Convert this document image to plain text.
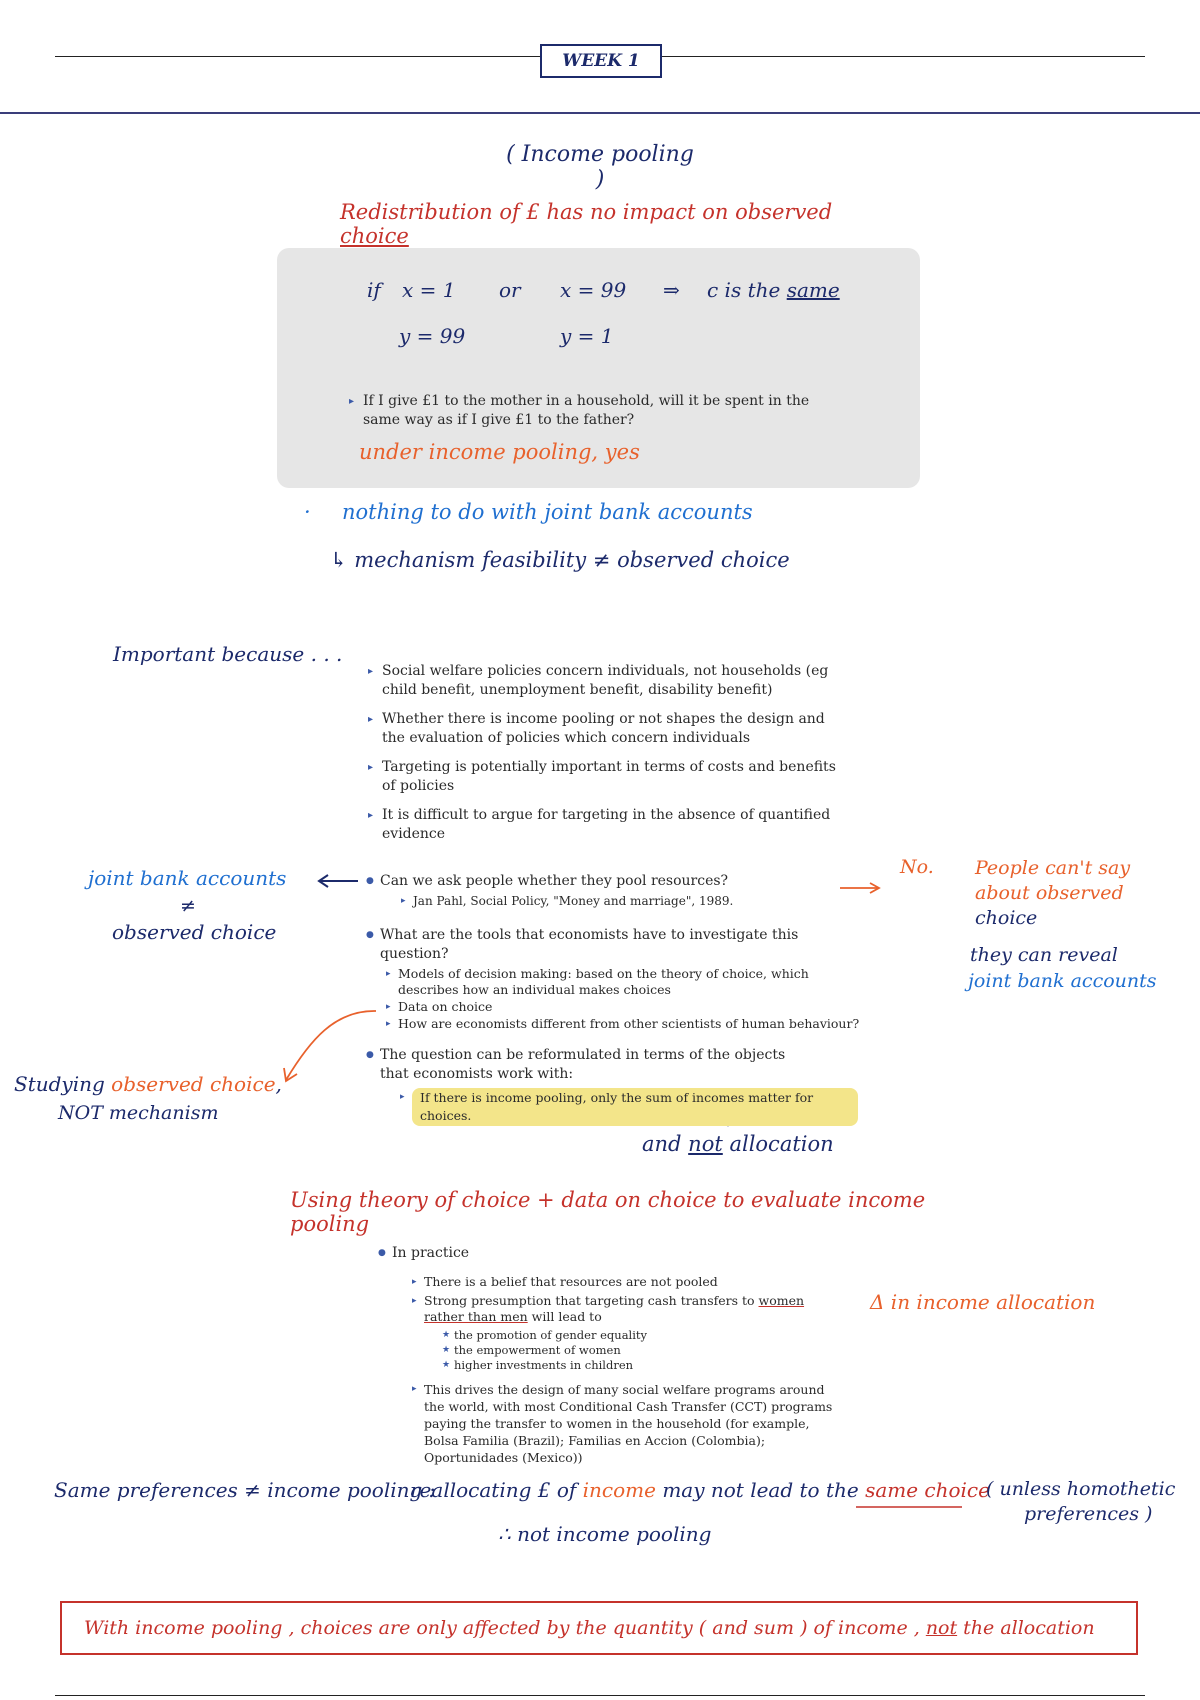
WEEK 1
( Income pooling )
Redistribution of £ has no impact on observed choice
if x = 1
y = 99
or x = 99
y = 1
⇒ c is the same
▸ If I give £1 to the mother in a household, will it be spent in the same way as if I give £1 to the father?
under income pooling, yes
· nothing to do with joint bank accounts
↳ mechanism feasibility ≠ observed choice
Important because . . .
▸ Social welfare policies concern individuals, not households (eg child benefit, unemployment benefit, disability benefit)
▸ Whether there is income pooling or not shapes the design and the evaluation of policies which concern individuals
▸ Targeting is potentially important in terms of costs and benefits of policies
▸ It is difficult to argue for targeting in the absence of quantified evidence
joint bank accounts
≠
observed choice
● Can we ask people whether they pool resources?
▸ Jan Pahl, Social Policy, "Money and marriage", 1989.
● What are the tools that economists have to investigate this question?
▸ Models of decision making: based on the theory of choice, which describes how an individual makes choices
▸ Data on choice
▸ How are economists different from other scientists of human behaviour?
● The question can be reformulated in terms of the objects that economists work with:
▸ If there is income pooling, only the sum of incomes matter for choices.
No. People can't say
about observed
choice
they can reveal
joint bank accounts
Studying observed choice,
NOT mechanism
and not allocation
Using theory of choice + data on choice to evaluate income pooling
● In practice
▸ There is a belief that resources are not pooled
▸ Strong presumption that targeting cash transfers to women rather than men will lead to
★ the promotion of gender equality
★ the empowerment of women
★ higher investments in children
▸ This drives the design of many social welfare programs around the world, with most Conditional Cash Transfer (CCT) programs paying the transfer to women in the household (for example, Bolsa Familia (Brazil); Familias en Accion (Colombia); Oportunidades (Mexico))
Δ in income allocation
Same preferences ≠ income pooling :
reallocating £ of income may not lead to the same choice
( unless homothetic
preferences )
∴ not income pooling
With income pooling , choices are only affected by the quantity ( and sum ) of income , not the allocation
